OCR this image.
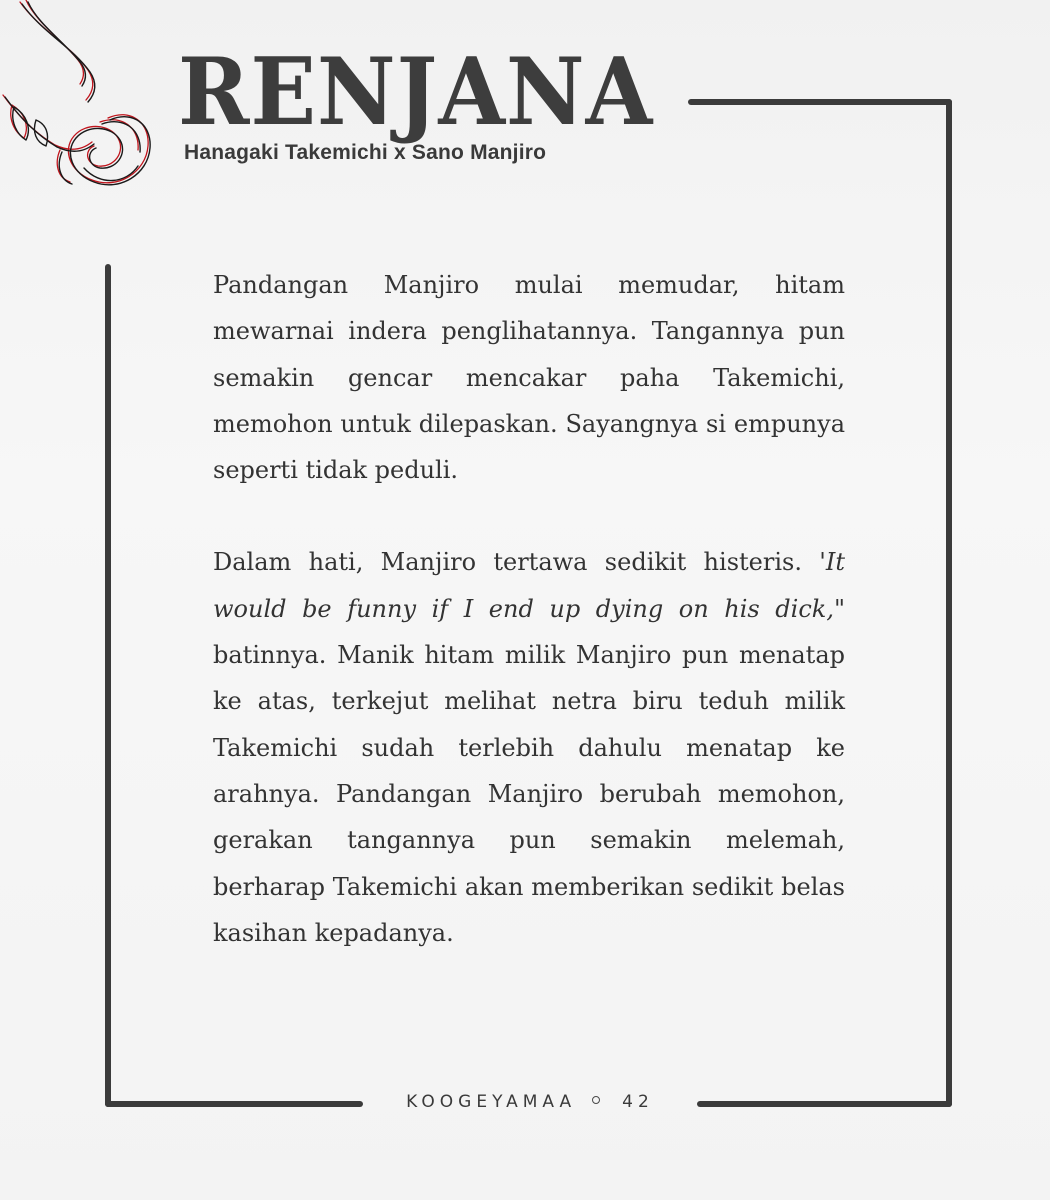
RENJANA
Hanagaki Takemichi x Sano Manjiro

Pandangan Manjiro mulai memudar, hitam mewarnai indera penglihatannya. Tangannya pun semakin gencar mencakar paha Takemichi, memohon untuk dilepaskan. Sayangnya si empunya seperti tidak peduli.

Dalam hati, Manjiro tertawa sedikit histeris. 'It would be funny if I end up dying on his dick," batinnya. Manik hitam milik Manjiro pun menatap ke atas, terkejut melihat netra biru teduh milik Takemichi sudah terlebih dahulu menatap ke arahnya. Pandangan Manjiro berubah memohon, gerakan tangannya pun semakin melemah, berharap Takemichi akan memberikan sedikit belas kasihan kepadanya.

KOOGEYAMAA	42
